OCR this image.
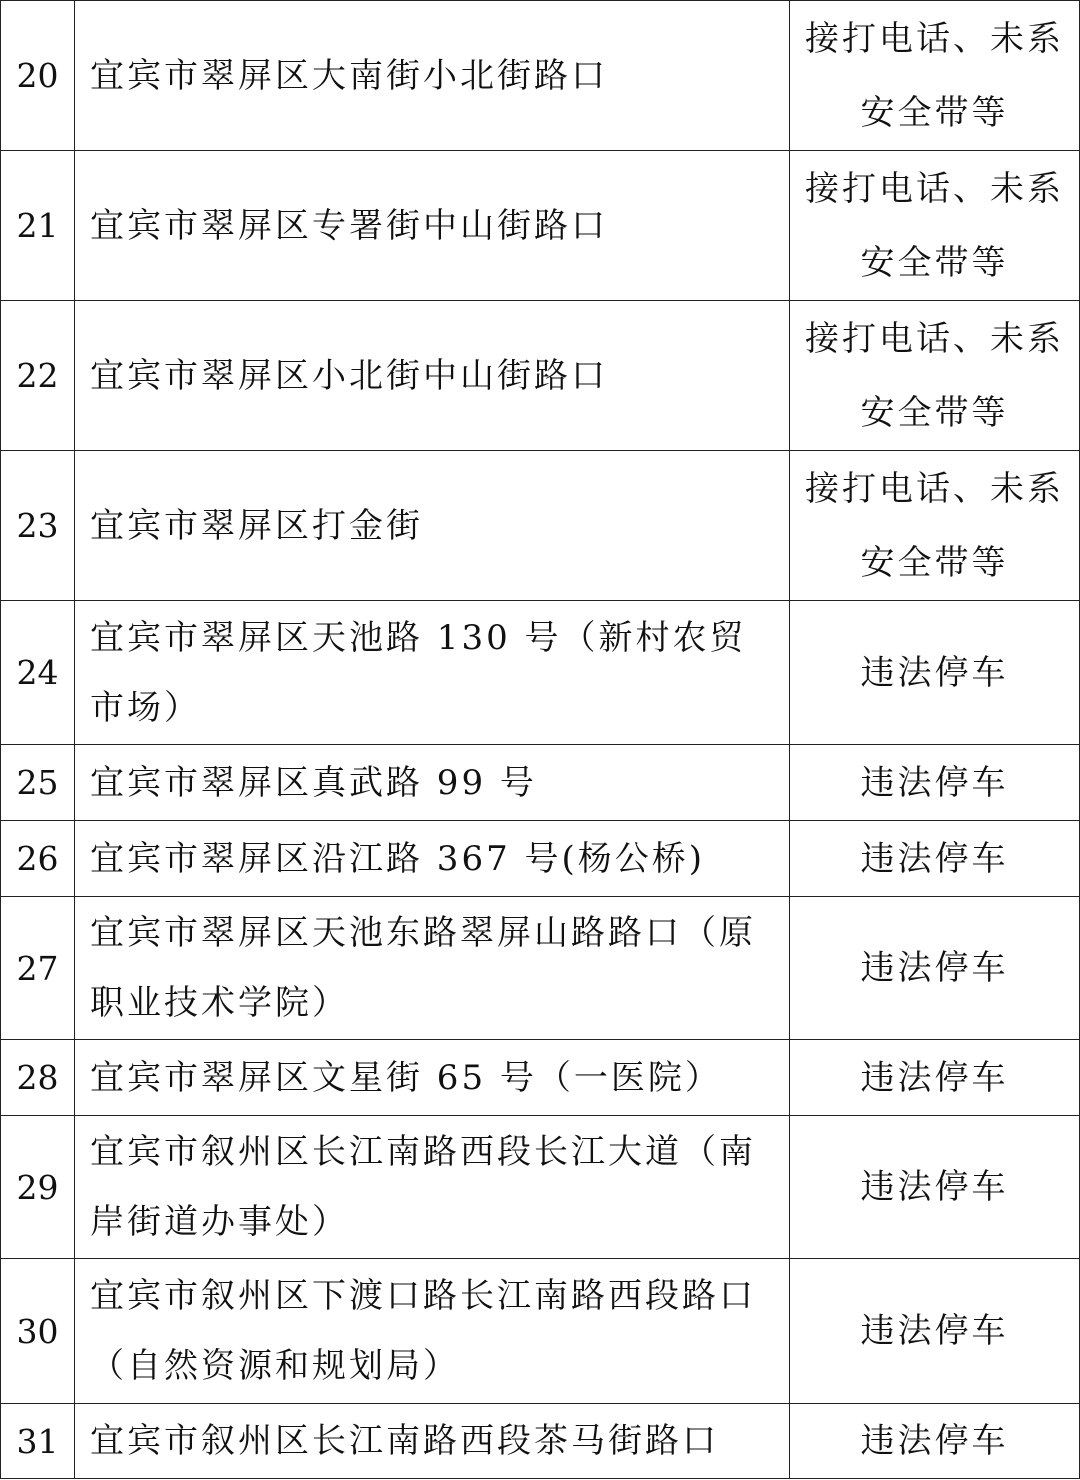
20	宜宾市翠屏区大南街小北街路口	接打电话、未系安全带等
21	宜宾市翠屏区专署街中山街路口	接打电话、未系安全带等
22	宜宾市翠屏区小北街中山街路口	接打电话、未系安全带等
23	宜宾市翠屏区打金街	接打电话、未系安全带等
24	宜宾市翠屏区天池路 130 号（新村农贸市场）	违法停车
25	宜宾市翠屏区真武路 99 号	违法停车
26	宜宾市翠屏区沿江路 367 号(杨公桥)	违法停车
27	宜宾市翠屏区天池东路翠屏山路路口（原职业技术学院）	违法停车
28	宜宾市翠屏区文星街 65 号（一医院）	违法停车
29	宜宾市叙州区长江南路西段长江大道（南岸街道办事处）	违法停车
30	宜宾市叙州区下渡口路长江南路西段路口（自然资源和规划局）	违法停车
31	宜宾市叙州区长江南路西段茶马街路口	违法停车
